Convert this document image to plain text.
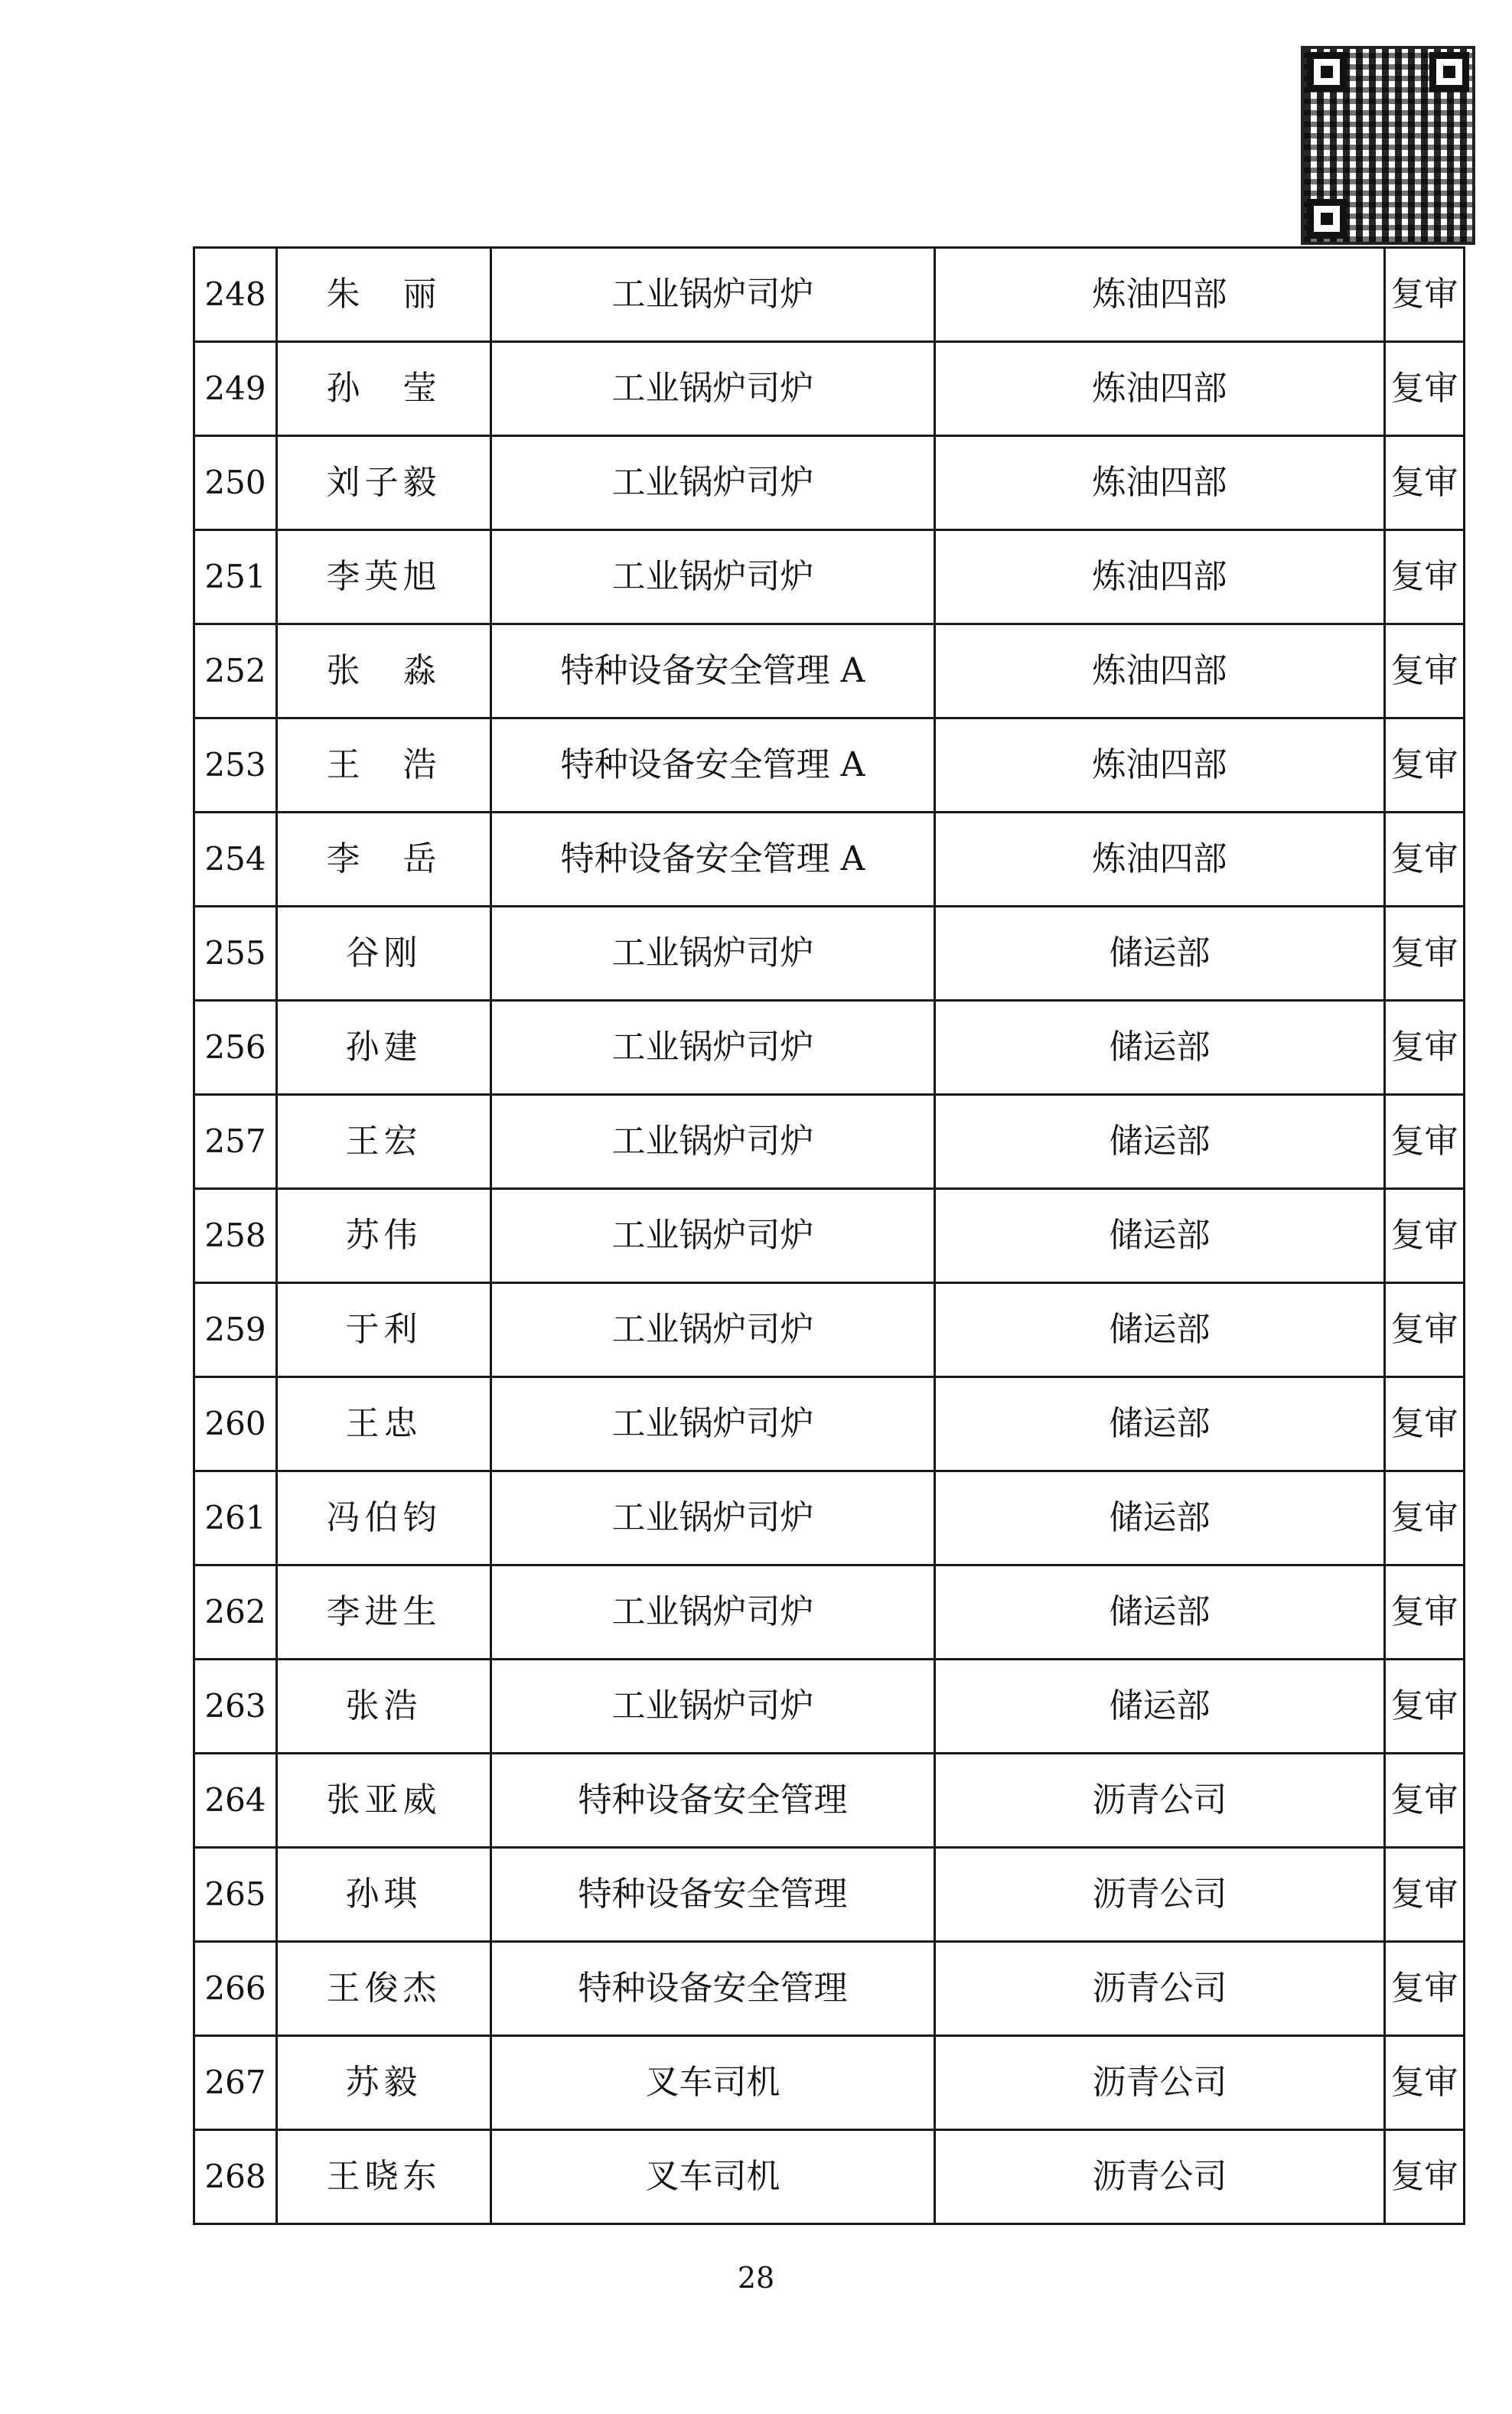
248	朱　丽	工业锅炉司炉	炼油四部	复审
249	孙　莹	工业锅炉司炉	炼油四部	复审
250	刘子毅	工业锅炉司炉	炼油四部	复审
251	李英旭	工业锅炉司炉	炼油四部	复审
252	张　淼	特种设备安全管理 A	炼油四部	复审
253	王　浩	特种设备安全管理 A	炼油四部	复审
254	李　岳	特种设备安全管理 A	炼油四部	复审
255	谷刚	工业锅炉司炉	储运部	复审
256	孙建	工业锅炉司炉	储运部	复审
257	王宏	工业锅炉司炉	储运部	复审
258	苏伟	工业锅炉司炉	储运部	复审
259	于利	工业锅炉司炉	储运部	复审
260	王忠	工业锅炉司炉	储运部	复审
261	冯伯钧	工业锅炉司炉	储运部	复审
262	李进生	工业锅炉司炉	储运部	复审
263	张浩	工业锅炉司炉	储运部	复审
264	张亚威	特种设备安全管理	沥青公司	复审
265	孙琪	特种设备安全管理	沥青公司	复审
266	王俊杰	特种设备安全管理	沥青公司	复审
267	苏毅	叉车司机	沥青公司	复审
268	王晓东	叉车司机	沥青公司	复审
28
